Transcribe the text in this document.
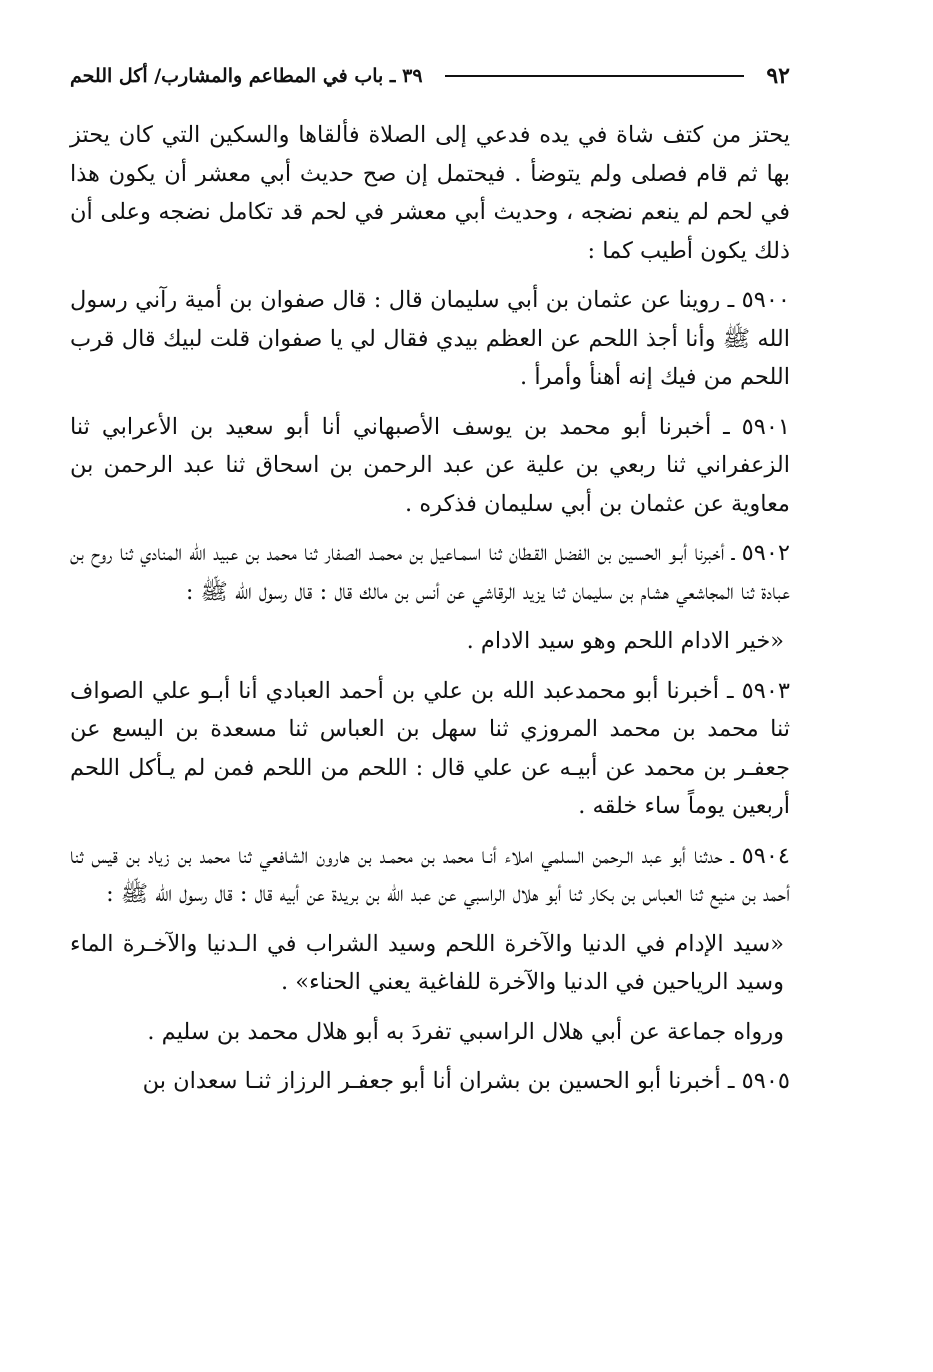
٩٢
٣٩ ـ باب في المطاعم والمشارب/ أكل اللحم

يحتز من كتف شاة في يده فدعي إلى الصلاة فألقاها والسكين التي كان يحتز بها ثم قام فصلى ولم يتوضأ . فيحتمل إن صح حديث أبي معشر أن يكون هذا في لحم لم ينعم نضجه ، وحديث أبي معشر في لحم قد تكامل نضجه وعلى أن ذلك يكون أطيب كما :

٥٩٠٠ ـ روينا عن عثمان بن أبي سليمان قال : قال صفوان بن أمية رآني رسول الله ﷺ وأنا أجذ اللحم عن العظم بيدي فقال لي يا صفوان قلت لبيك قال قرب اللحم من فيك إنه أهنأ وأمرأ .

٥٩٠١ ـ أخبرنا أبو محمد بن يوسف الأصبهاني أنا أبو سعيد بن الأعرابي ثنا الزعفراني ثنا ربعي بن علية عن عبد الرحمن بن اسحاق ثنا عبد الرحمن بن معاوية عن عثمان بن أبي سليمان فذكره .

٥٩٠٢ ـ أخبرنا أبـو الحسين بن الفضل القـطان ثنا اسمـاعيل بن محمـد الصفار ثنا محمد بن عبيد الله المنادي ثنا روح بن عبادة ثنا المجاشعي هشام بن سليمان ثنا يزيد الرقاشي عن أنس بن مالك قال : قال رسول الله ﷺ :

«خير الادام اللحم وهو سيد الادام .

٥٩٠٣ ـ أخبرنا أبو محمدعبد الله بن علي بن أحمد العبادي أنا أبـو علي الصواف ثنا محمد بن محمد المروزي ثنا سهل بن العباس ثنا مسعدة بن اليسع عن جعفـر بن محمد عن أبيـه عن علي قال : اللحم من اللحم فمن لم يـأكل اللحم أربعين يوماً ساء خلقه .

٥٩٠٤ ـ حدثنا أبو عبد الـرحمن السلمي املاء أنـا محمد بن محمـد بن هارون الشافعي ثنا محمد بن زياد بن قيس ثنا أحمد بن منيع ثنا العباس بن بكار ثنا أبو هلال الراسبي عن عبد الله بن بريدة عن أبيه قال : قال رسول الله ﷺ :

«سيد الإدام في الدنيا والآخرة اللحم وسيد الشراب في الـدنيا والآخـرة الماء وسيد الرياحين في الدنيا والآخرة للفاغية يعني الحناء» .

ورواه جماعة عن أبي هلال الراسبي تفردَ به أبو هلال محمد بن سليم .

٥٩٠٥ ـ أخبرنا أبو الحسين بن بشران أنا أبو جعفـر الرزاز ثنـا سعدان بن
